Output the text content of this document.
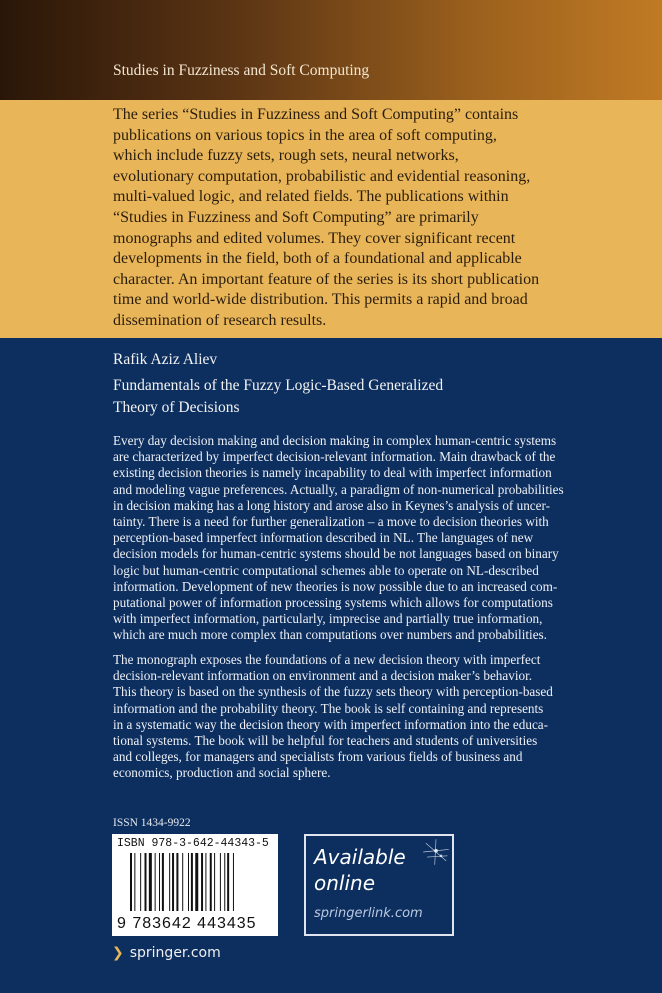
Studies in Fuzziness and Soft Computing
The series “Studies in Fuzziness and Soft Computing” contains
publications on various topics in the area of soft computing,
which include fuzzy sets, rough sets, neural networks,
evolutionary computation, probabilistic and evidential reasoning,
multi-valued logic, and related fields. The publications within
“Studies in Fuzziness and Soft Computing” are primarily
monographs and edited volumes. They cover significant recent
developments in the field, both of a foundational and applicable
character. An important feature of the series is its short publication
time and world-wide distribution. This permits a rapid and broad
dissemination of research results.
Rafik Aziz Aliev
Fundamentals of the Fuzzy Logic-Based Generalized
Theory of Decisions
Every day decision making and decision making in complex human-centric systems
are characterized by imperfect decision-relevant information. Main drawback of the
existing decision theories is namely incapability to deal with imperfect information
and modeling vague preferences. Actually, a paradigm of non-numerical probabilities
in decision making has a long history and arose also in Keynes’s analysis of uncer-
tainty. There is a need for further generalization – a move to decision theories with
perception-based imperfect information described in NL. The languages of new
decision models for human-centric systems should be not languages based on binary
logic but human-centric computational schemes able to operate on NL-described
information. Development of new theories is now possible due to an increased com-
putational power of information processing systems which allows for computations
with imperfect information, particularly, imprecise and partially true information,
which are much more complex than computations over numbers and probabilities.
The monograph exposes the foundations of a new decision theory with imperfect
decision-relevant information on environment and a decision maker’s behavior.
This theory is based on the synthesis of the fuzzy sets theory with perception-based
information and the probability theory. The book is self containing and represents
in a systematic way the decision theory with imperfect information into the educa-
tional systems. The book will be helpful for teachers and students of universities
and colleges, for managers and specialists from various fields of business and
economics, production and social sphere.
ISSN 1434-9922
ISBN 978-3-642-44343-5
9 783642 443435
Available
online
springerlink.com
❯ springer.com
